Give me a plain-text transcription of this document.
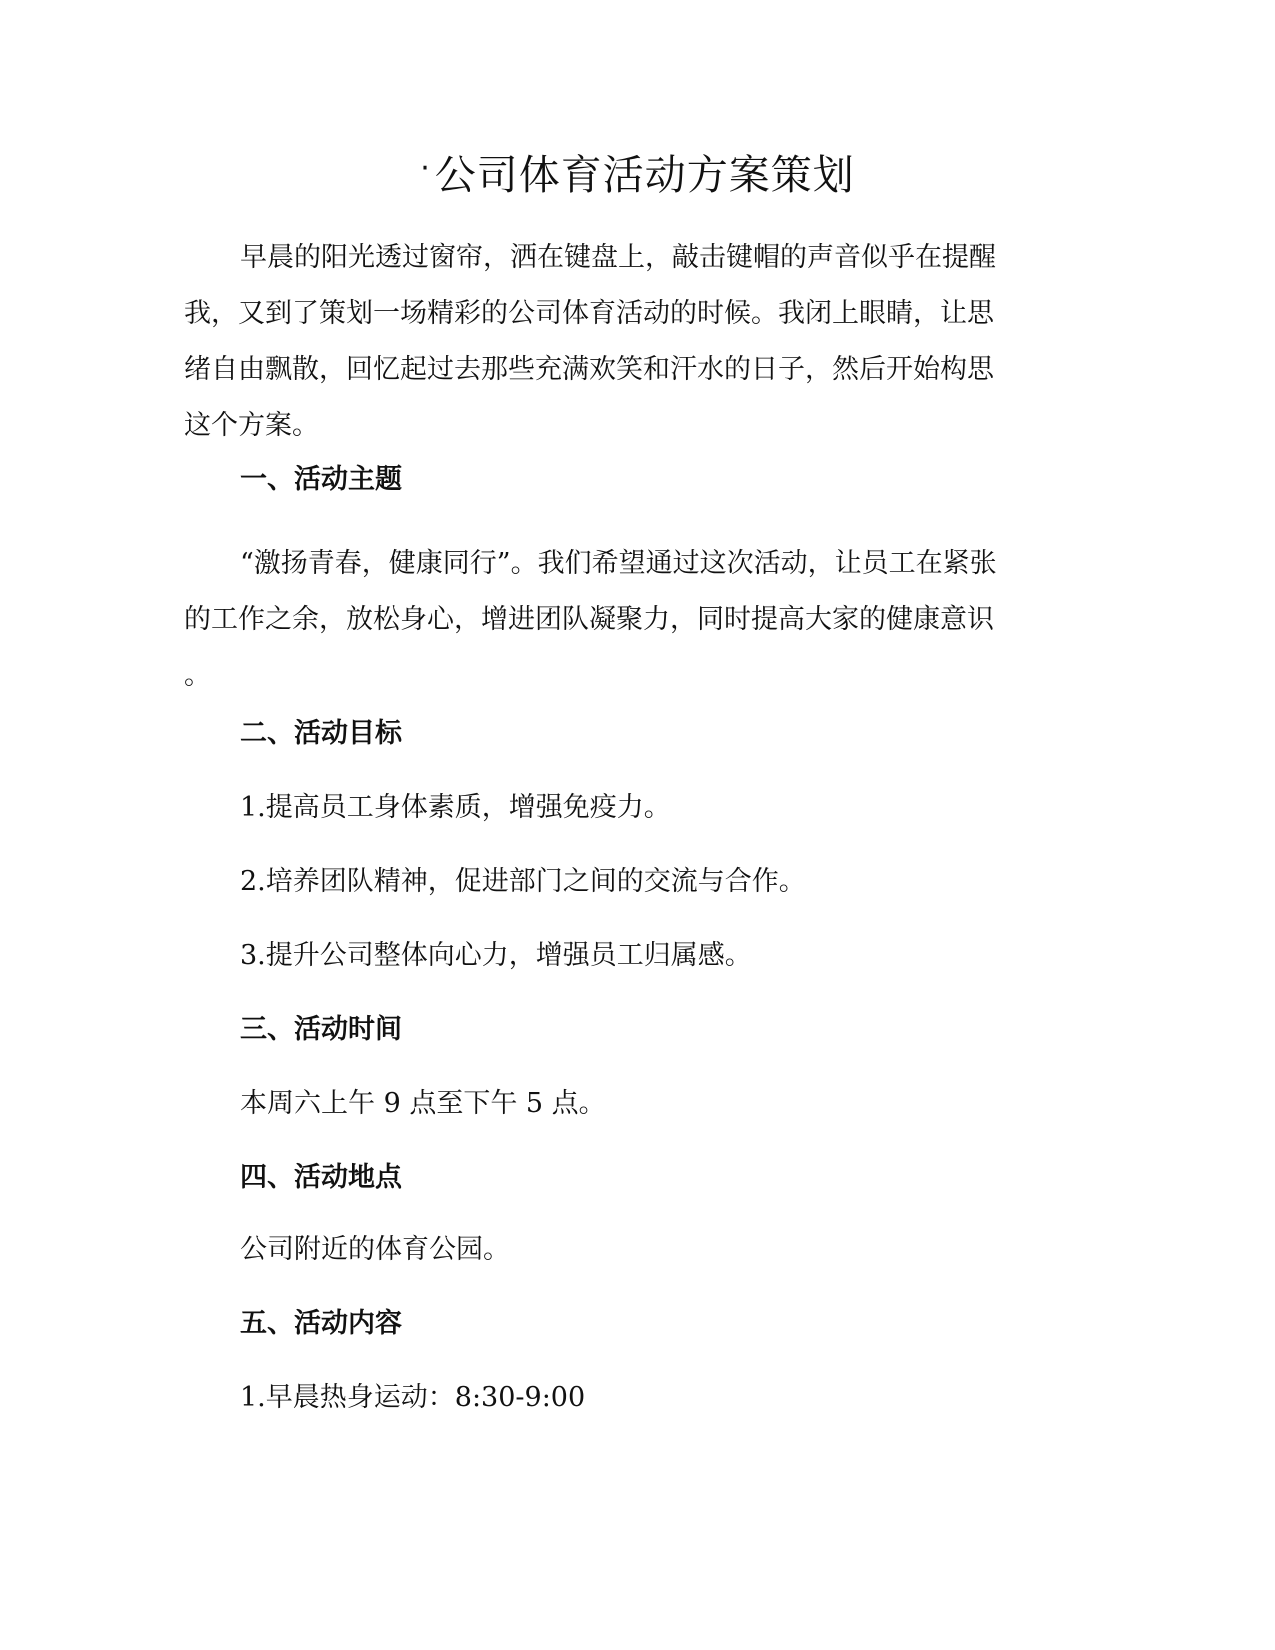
·公司体育活动方案策划
早晨的阳光透过窗帘，洒在键盘上，敲击键帽的声音似乎在提醒
我，又到了策划一场精彩的公司体育活动的时候。我闭上眼睛，让思
绪自由飘散，回忆起过去那些充满欢笑和汗水的日子，然后开始构思
这个方案。
一、活动主题
“激扬青春，健康同行”。我们希望通过这次活动，让员工在紧张
的工作之余，放松身心，增进团队凝聚力，同时提高大家的健康意识
。
二、活动目标
1.提高员工身体素质，增强免疫力。
2.培养团队精神，促进部门之间的交流与合作。
3.提升公司整体向心力，增强员工归属感。
三、活动时间
本周六上午 9 点至下午 5 点。
四、活动地点
公司附近的体育公园。
五、活动内容
1.早晨热身运动：8:30-9:00
